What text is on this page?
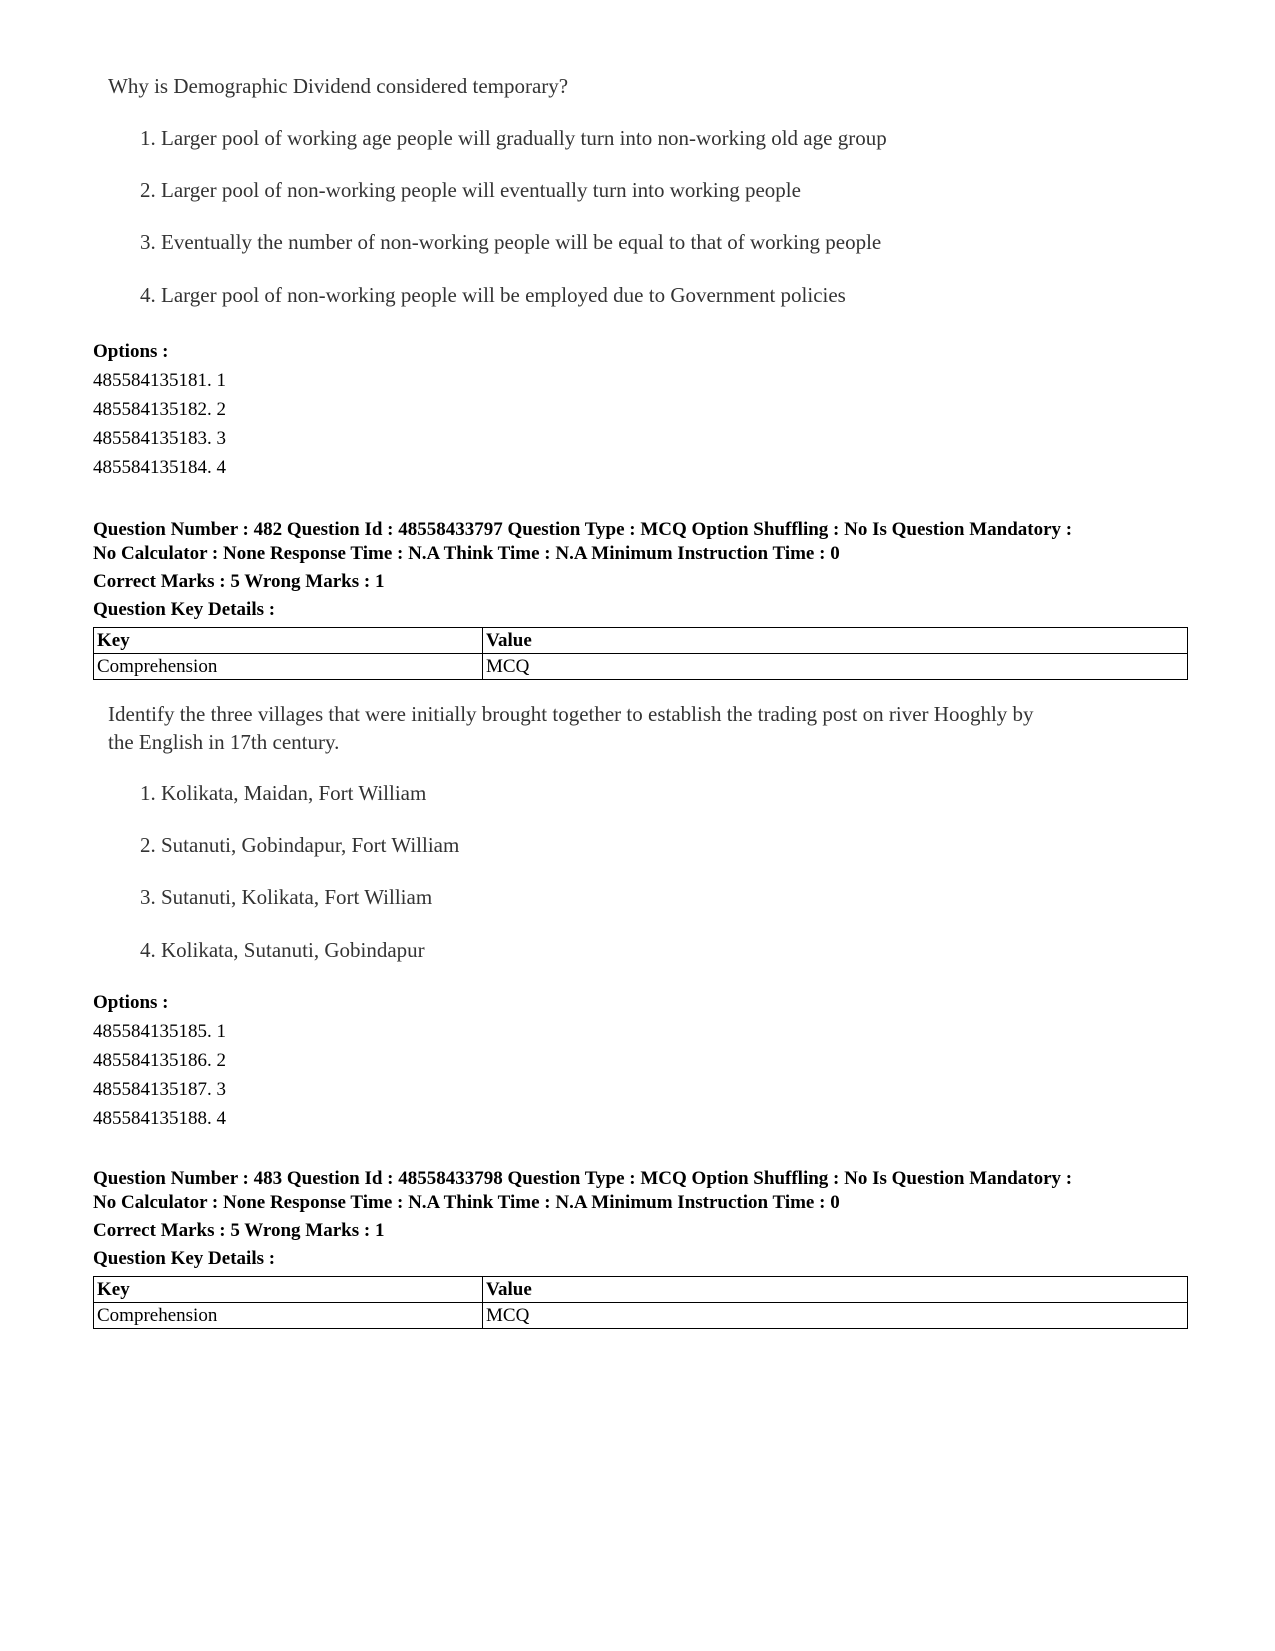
Why is Demographic Dividend considered temporary?

1. Larger pool of working age people will gradually turn into non-working old age group
2. Larger pool of non-working people will eventually turn into working people
3. Eventually the number of non-working people will be equal to that of working people
4. Larger pool of non-working people will be employed due to Government policies
Options :
485584135181. 1
485584135182. 2
485584135183. 3
485584135184. 4
Question Number : 482 Question Id : 48558433797 Question Type : MCQ Option Shuffling : No Is Question Mandatory :
No Calculator : None Response Time : N.A Think Time : N.A Minimum Instruction Time : 0
Correct Marks : 5 Wrong Marks : 1
Question Key Details :
Key	Value
Comprehension	MCQ

Identify the three villages that were initially brought together to establish the trading post on river Hooghly by

the English in 17th century.

1. Kolikata, Maidan, Fort William
2. Sutanuti, Gobindapur, Fort William
3. Sutanuti, Kolikata, Fort William
4. Kolikata, Sutanuti, Gobindapur
Options :
485584135185. 1
485584135186. 2
485584135187. 3
485584135188. 4
Question Number : 483 Question Id : 48558433798 Question Type : MCQ Option Shuffling : No Is Question Mandatory :
No Calculator : None Response Time : N.A Think Time : N.A Minimum Instruction Time : 0
Correct Marks : 5 Wrong Marks : 1
Question Key Details :
Key	Value
Comprehension	MCQ
